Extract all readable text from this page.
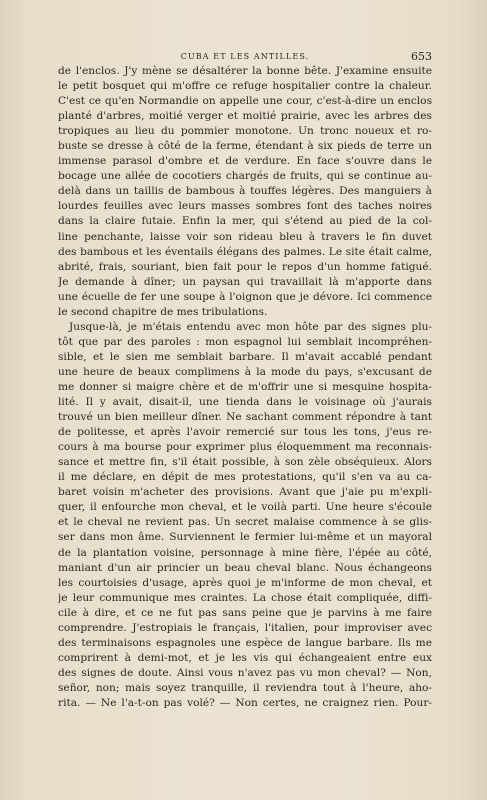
CUBA ET LES ANTILLES.	653
de l'enclos. J'y mène se désaltérer la bonne bête. J'examine ensuite
le petit bosquet qui m'offre ce refuge hospitalier contre la chaleur.
C'est ce qu'en Normandie on appelle une cour, c'est-à-dire un enclos
planté d'arbres, moitié verger et moitié prairie, avec les arbres des
tropiques au lieu du pommier monotone. Un tronc noueux et ro-
buste se dresse à côté de la ferme, étendant à six pieds de terre un
immense parasol d'ombre et de verdure. En face s'ouvre dans le
bocage une allée de cocotiers chargés de fruits, qui se continue au-
delà dans un taillis de bambous à touffes légères. Des manguiers à
lourdes feuilles avec leurs masses sombres font des taches noires
dans la claire futaie. Enfin la mer, qui s'étend au pied de la col-
line penchante, laisse voir son rideau bleu à travers le fin duvet
des bambous et les éventails élégans des palmes. Le site était calme,
abrité, frais, souriant, bien fait pour le repos d'un homme fatigué.
Je demande à dîner; un paysan qui travaillait là m'apporte dans
une écuelle de fer une soupe à l'oignon que je dévore. Ici commence
le second chapitre de mes tribulations.
Jusque-là, je m'étais entendu avec mon hôte par des signes plu-
tôt que par des paroles : mon espagnol lui semblait incompréhen-
sible, et le sien me semblait barbare. Il m'avait accablé pendant
une heure de beaux complimens à la mode du pays, s'excusant de
me donner si maigre chère et de m'offrir une si mesquine hospita-
lité. Il y avait, disait-il, une tienda dans le voisinage où j'aurais
trouvé un bien meilleur dîner. Ne sachant comment répondre à tant
de politesse, et après l'avoir remercié sur tous les tons, j'eus re-
cours à ma bourse pour exprimer plus éloquemment ma reconnais-
sance et mettre fin, s'il était possible, à son zèle obséquieux. Alors
il me déclare, en dépit de mes protestations, qu'il s'en va au ca-
baret voisin m'acheter des provisions. Avant que j'aie pu m'expli-
quer, il enfourche mon cheval, et le voilà parti. Une heure s'écoule
et le cheval ne revient pas. Un secret malaise commence à se glis-
ser dans mon âme. Surviennent le fermier lui-même et un mayoral
de la plantation voisine, personnage à mine fière, l'épée au côté,
maniant d'un air princier un beau cheval blanc. Nous échangeons
les courtoisies d'usage, après quoi je m'informe de mon cheval, et
je leur communique mes craintes. La chose était compliquée, diffi-
cile à dire, et ce ne fut pas sans peine que je parvins à me faire
comprendre. J'estropiais le français, l'italien, pour improviser avec
des terminaisons espagnoles une espèce de langue barbare. Ils me
comprirent à demi-mot, et je les vis qui échangeaient entre eux
des signes de doute. Ainsi vous n'avez pas vu mon cheval? — Non,
señor, non; mais soyez tranquille, il reviendra tout à l'heure, aho-
rita. — Ne l'a-t-on pas volé? — Non certes, ne craignez rien. Pour-
